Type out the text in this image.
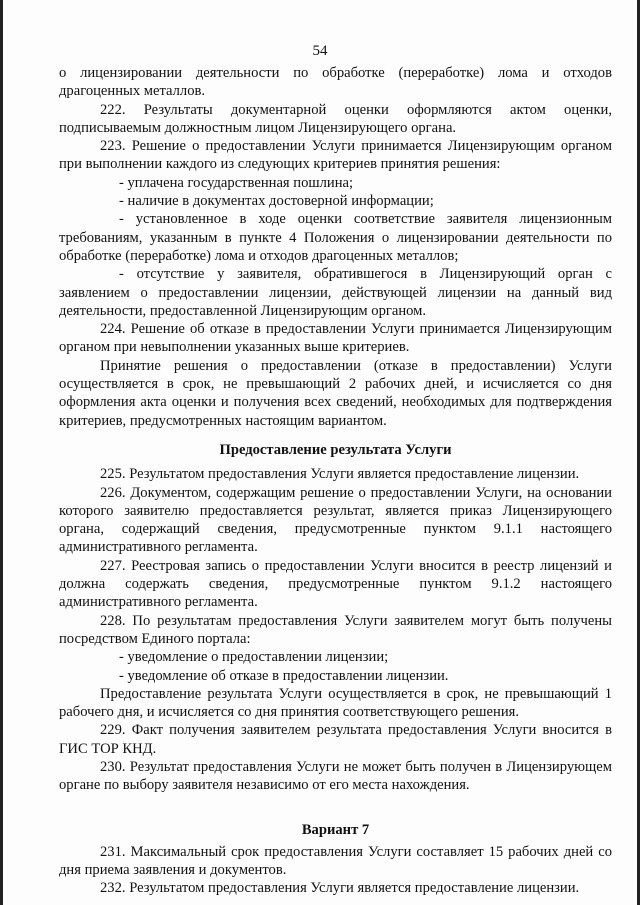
54

о лицензировании деятельности по обработке (переработке) лома и отходов драгоценных металлов.

222. Результаты документарной оценки оформляются актом оценки, подписываемым должностным лицом Лицензирующего органа.

223. Решение о предоставлении Услуги принимается Лицензирующим органом при выполнении каждого из следующих критериев принятия решения:

- уплачена государственная пошлина;

- наличие в документах достоверной информации;

- установленное в ходе оценки соответствие заявителя лицензионным требованиям, указанным в пункте 4 Положения о лицензировании деятельности по обработке (переработке) лома и отходов драгоценных металлов;

- отсутствие у заявителя, обратившегося в Лицензирующий орган с заявлением о предоставлении лицензии, действующей лицензии на данный вид деятельности, предоставленной Лицензирующим органом.

224. Решение об отказе в предоставлении Услуги принимается Лицензирующим органом при невыполнении указанных выше критериев.

Принятие решения о предоставлении (отказе в предоставлении) Услуги осуществляется в срок, не превышающий 2 рабочих дней, и исчисляется со дня оформления акта оценки и получения всех сведений, необходимых для подтверждения критериев, предусмотренных настоящим вариантом.

Предоставление результата Услуги

225. Результатом предоставления Услуги является предоставление лицензии.

226. Документом, содержащим решение о предоставлении Услуги, на основании которого заявителю предоставляется результат, является приказ Лицензирующего органа, содержащий сведения, предусмотренные пунктом 9.1.1 настоящего административного регламента.

227. Реестровая запись о предоставлении Услуги вносится в реестр лицензий и должна содержать сведения, предусмотренные пунктом 9.1.2 настоящего административного регламента.

228. По результатам предоставления Услуги заявителем могут быть получены посредством Единого портала:

- уведомление о предоставлении лицензии;

- уведомление об отказе в предоставлении лицензии.

Предоставление результата Услуги осуществляется в срок, не превышающий 1 рабочего дня, и исчисляется со дня принятия соответствующего решения.

229. Факт получения заявителем результата предоставления Услуги вносится в ГИС ТОР КНД.

230. Результат предоставления Услуги не может быть получен в Лицензирующем органе по выбору заявителя независимо от его места нахождения.

Вариант 7

231. Максимальный срок предоставления Услуги составляет 15 рабочих дней со дня приема заявления и документов.

232. Результатом предоставления Услуги является предоставление лицензии.
